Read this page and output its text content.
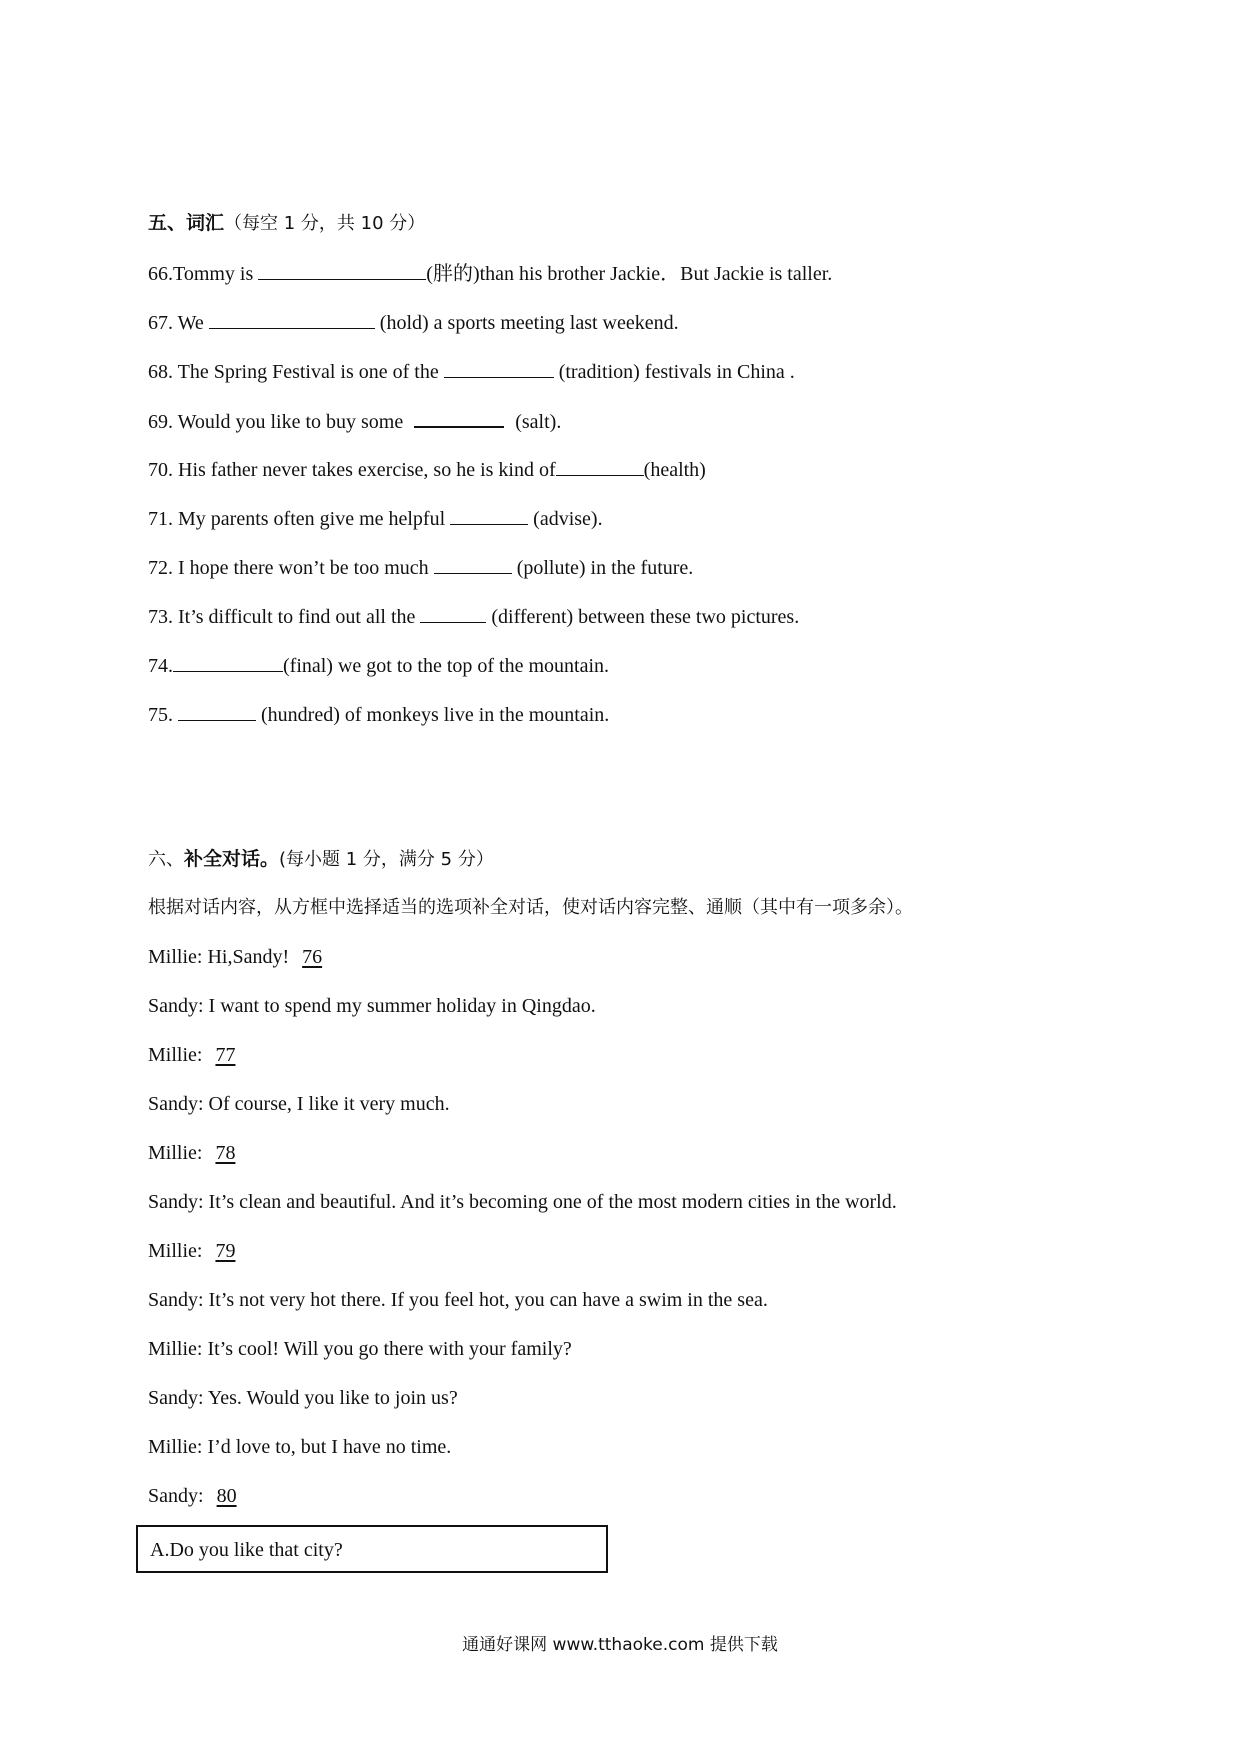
五、词汇（每空 1 分，共 10 分）
66.Tommy is	(胖的)than his brother Jackie．But Jackie is taller.
67. We	(hold) a sports meeting last weekend.
68. The Spring Festival is one of the	(tradition) festivals in China .
69. Would you like to buy some	(salt).
70. His father never takes exercise, so he is kind of	(health)
71. My parents often give me helpful	(advise).
72. I hope there won’t be too much	(pollute) in the future.
73. It’s difficult to find out all the	(different) between these two pictures.
74.	(final) we got to the top of the mountain.
75.	(hundred) of monkeys live in the mountain.
六、补全对话。(每小题 1 分，满分 5 分）
根据对话内容，从方框中选择适当的选项补全对话，使对话内容完整、通顺（其中有一项多余）。
Millie: Hi,Sandy! 76
Sandy: I want to spend my summer holiday in Qingdao.
Millie: 77
Sandy: Of course, I like it very much.
Millie: 78
Sandy: It’s clean and beautiful. And it’s becoming one of the most modern cities in the world.
Millie: 79
Sandy: It’s not very hot there. If you feel hot, you can have a swim in the sea.
Millie: It’s cool! Will you go there with your family?
Sandy: Yes. Would you like to join us?
Millie: I’d love to, but I have no time.
Sandy: 80
A.Do you like that city?
通通好课网 www.tthaoke.com 提供下载
